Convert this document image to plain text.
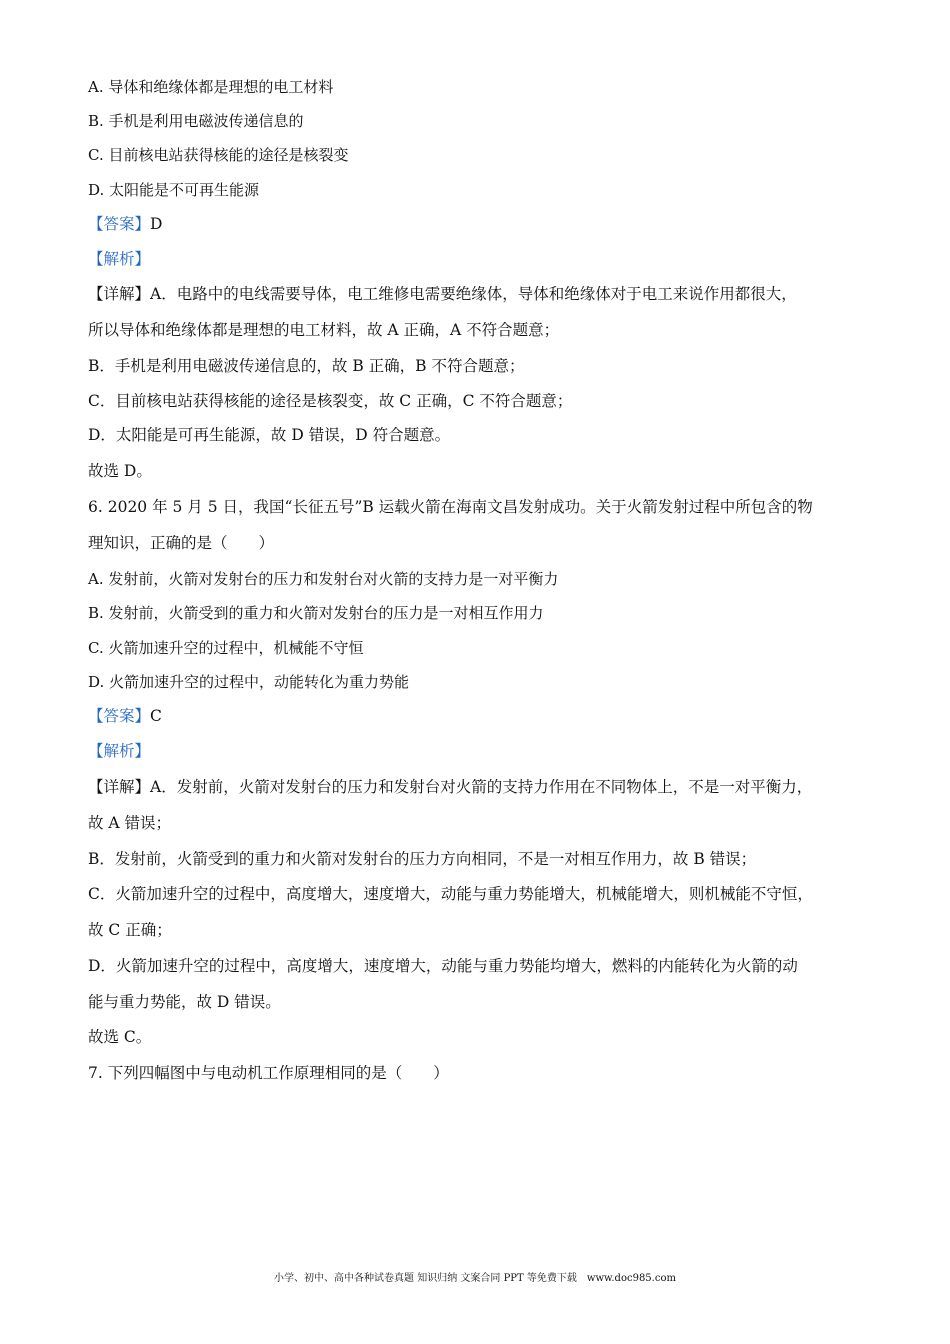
A. 导体和绝缘体都是理想的电工材料
B. 手机是利用电磁波传递信息的
C. 目前核电站获得核能的途径是核裂变
D. 太阳能是不可再生能源
【答案】D
【解析】
【详解】A．电路中的电线需要导体，电工维修电需要绝缘体，导体和绝缘体对于电工来说作用都很大，
所以导体和绝缘体都是理想的电工材料，故 A 正确，A 不符合题意；
B．手机是利用电磁波传递信息的，故 B 正确，B 不符合题意；
C．目前核电站获得核能的途径是核裂变，故 C 正确，C 不符合题意；
D．太阳能是可再生能源，故 D 错误，D 符合题意。
故选 D。
6. 2020 年 5 月 5 日，我国“长征五号”B 运载火箭在海南文昌发射成功。关于火箭发射过程中所包含的物
理知识，正确的是（　　）
A. 发射前，火箭对发射台的压力和发射台对火箭的支持力是一对平衡力
B. 发射前，火箭受到的重力和火箭对发射台的压力是一对相互作用力
C. 火箭加速升空的过程中，机械能不守恒
D. 火箭加速升空的过程中，动能转化为重力势能
【答案】C
【解析】
【详解】A．发射前，火箭对发射台的压力和发射台对火箭的支持力作用在不同物体上，不是一对平衡力，
故 A 错误；
B．发射前，火箭受到的重力和火箭对发射台的压力方向相同，不是一对相互作用力，故 B 错误；
C．火箭加速升空的过程中，高度增大，速度增大，动能与重力势能增大，机械能增大，则机械能不守恒，
故 C 正确；
D．火箭加速升空的过程中，高度增大，速度增大，动能与重力势能均增大，燃料的内能转化为火箭的动
能与重力势能，故 D 错误。
故选 C。
7. 下列四幅图中与电动机工作原理相同的是（　　）
小学、初中、高中各种试卷真题 知识归纳 文案合同 PPT 等免费下载　www.doc985.com
